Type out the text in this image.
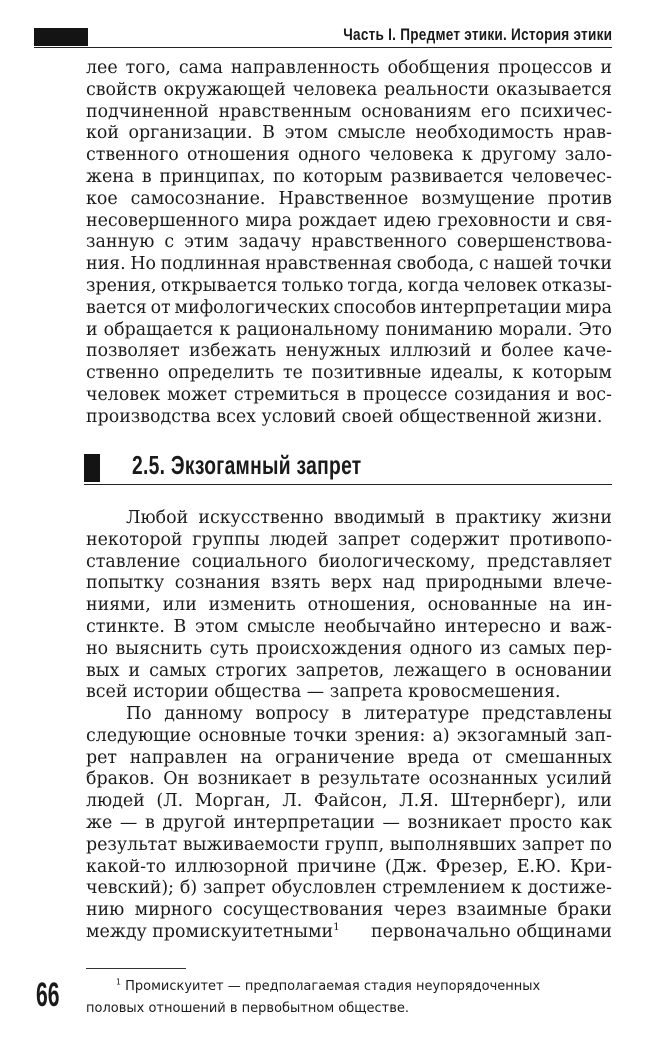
Часть I. Предмет этики. История этики
лее того, сама направленность обобщения процессов и
свойств окружающей человека реальности оказывается
подчиненной нравственным основаниям его психичес-
кой организации. В этом смысле необходимость нрав-
ственного отношения одного человека к другому зало-
жена в принципах, по которым развивается человечес-
кое самосознание. Нравственное возмущение против
несовершенного мира рождает идею греховности и свя-
занную с этим задачу нравственного совершенствова-
ния. Но подлинная нравственная свобода, с нашей точки
зрения, открывается только тогда, когда человек отказы-
вается от мифологических способов интерпретации мира
и обращается к рациональному пониманию морали. Это
позволяет избежать ненужных иллюзий и более каче-
ственно определить те позитивные идеалы, к которым
человек может стремиться в процессе созидания и вос-
производства всех условий своей общественной жизни.
2.5. Экзогамный запрет
Любой искусственно вводимый в практику жизни
некоторой группы людей запрет содержит противопо-
ставление социального биологическому, представляет
попытку сознания взять верх над природными влече-
ниями, или изменить отношения, основанные на ин-
стинкте. В этом смысле необычайно интересно и важ-
но выяснить суть происхождения одного из самых пер-
вых и самых строгих запретов, лежащего в основании
всей истории общества — запрета кровосмешения.
По данному вопросу в литературе представлены
следующие основные точки зрения: а) экзогамный зап-
рет направлен на ограничение вреда от смешанных
браков. Он возникает в результате осознанных усилий
людей (Л. Морган, Л. Файсон, Л.Я. Штернберг), или
же — в другой интерпретации — возникает просто как
результат выживаемости групп, выполнявших запрет по
какой-то иллюзорной причине (Дж. Фрезер, Е.Ю. Кри-
чевский); б) запрет обусловлен стремлением к достиже-
нию мирного сосуществования через взаимные браки
между промискуитетными$^1$ первоначально общинами
66	$^1$ Промискуитет — предполагаемая стадия неупорядоченных
половых отношений в первобытном обществе.
